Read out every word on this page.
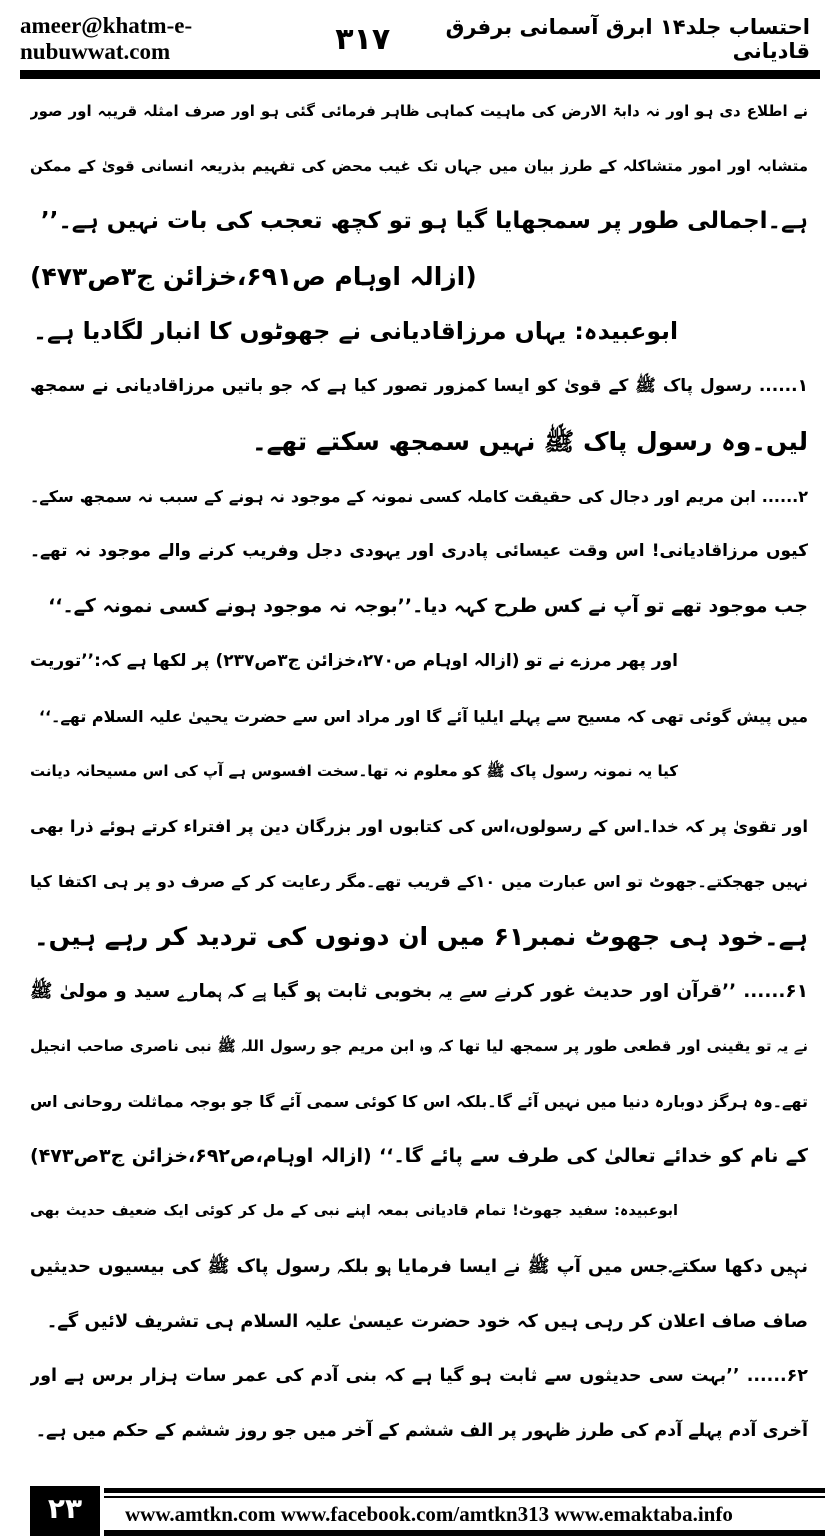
ameer@khatm-e-nubuwwat.com	۳۱۷	احتساب جلد۱۴ ابرق آسمانی برفرق قادیانی
نے اطلاع دی ہو اور نہ دابۃ الارض کی ماہیت کماہی ظاہر فرمائی گئی ہو اور صرف امثلہ قریبہ اور صور
متشابہ اور امور متشاکلہ کے طرز بیان میں جہاں تک غیب محض کی تفہیم بذریعہ انسانی قویٰ کے ممکن
ہے۔اجمالی طور پر سمجھایا گیا ہو تو کچھ تعجب کی بات نہیں ہے۔’’
(ازالہ اوہام ص۶۹۱،خزائن ج۳ص۴۷۳)
ابوعبیدہ: یہاں مرزاقادیانی نے جھوٹوں کا انبار لگادیا ہے۔
۱...... رسول پاک ﷺ کے قویٰ کو ایسا کمزور تصور کیا ہے کہ جو باتیں مرزاقادیانی نے سمجھ
لیں۔وہ رسول پاک ﷺ نہیں سمجھ سکتے تھے۔
۲...... ابن مریم اور دجال کی حقیقت کاملہ کسی نمونہ کے موجود نہ ہونے کے سبب نہ سمجھ سکے۔
کیوں مرزاقادیانی! اس وقت عیسائی پادری اور یہودی دجل وفریب کرنے والے موجود نہ تھے۔
جب موجود تھے تو آپ نے کس طرح کہہ دیا۔’’بوجہ نہ موجود ہونے کسی نمونہ کے۔‘‘
اور پھر مرزے نے تو (ازالہ اوہام ص۲۷۰،خزائن ج۳ص۲۳۷) پر لکھا ہے کہ:’’توریت
میں پیش گوئی تھی کہ مسیح سے پہلے ایلیا آئے گا اور مراد اس سے حضرت یحییٰ علیہ السلام تھے۔‘‘
کیا یہ نمونہ رسول پاک ﷺ کو معلوم نہ تھا۔سخت افسوس ہے آپ کی اس مسیحانہ دیانت
اور تقویٰ پر کہ خدا۔اس کے رسولوں،اس کی کتابوں اور بزرگان دین پر افتراء کرتے ہوئے ذرا بھی
نہیں جھجکتے۔جھوٹ تو اس عبارت میں ۱۰کے قریب تھے۔مگر رعایت کر کے صرف دو پر ہی اکتفا کیا
ہے۔خود ہی جھوٹ نمبر۶۱ میں ان دونوں کی تردید کر رہے ہیں۔
۶۱...... ’’قرآن اور حدیث غور کرنے سے یہ بخوبی ثابت ہو گیا ہے کہ ہمارے سید و مولیٰ ﷺ
نے یہ تو یقینی اور قطعی طور پر سمجھ لیا تھا کہ وہ ابن مریم جو رسول اللہ ﷺ نبی ناصری صاحب انجیل
تھے۔وہ ہرگز دوبارہ دنیا میں نہیں آئے گا۔بلکہ اس کا کوئی سمی آئے گا جو بوجہ مماثلت روحانی اس
کے نام کو خدائے تعالیٰ کی طرف سے پائے گا۔‘‘ (ازالہ اوہام،ص۶۹۲،خزائن ج۳ص۴۷۳)
ابوعبیدہ: سفید جھوٹ! تمام قادیانی بمعہ اپنے نبی کے مل کر کوئی ایک ضعیف حدیث بھی
نہیں دکھا سکتے۔جس میں آپ ﷺ نے ایسا فرمایا ہو بلکہ رسول پاک ﷺ کی بیسیوں حدیثیں
صاف صاف اعلان کر رہی ہیں کہ خود حضرت عیسیٰ علیہ السلام ہی تشریف لائیں گے۔
۶۲...... ’’بہت سی حدیثوں سے ثابت ہو گیا ہے کہ بنی آدم کی عمر سات ہزار برس ہے اور
آخری آدم پہلے آدم کی طرز ظہور پر الف ششم کے آخر میں جو روز ششم کے حکم میں ہے۔
۲۳	www.amtkn.com www.facebook.com/amtkn313 www.emaktaba.info
